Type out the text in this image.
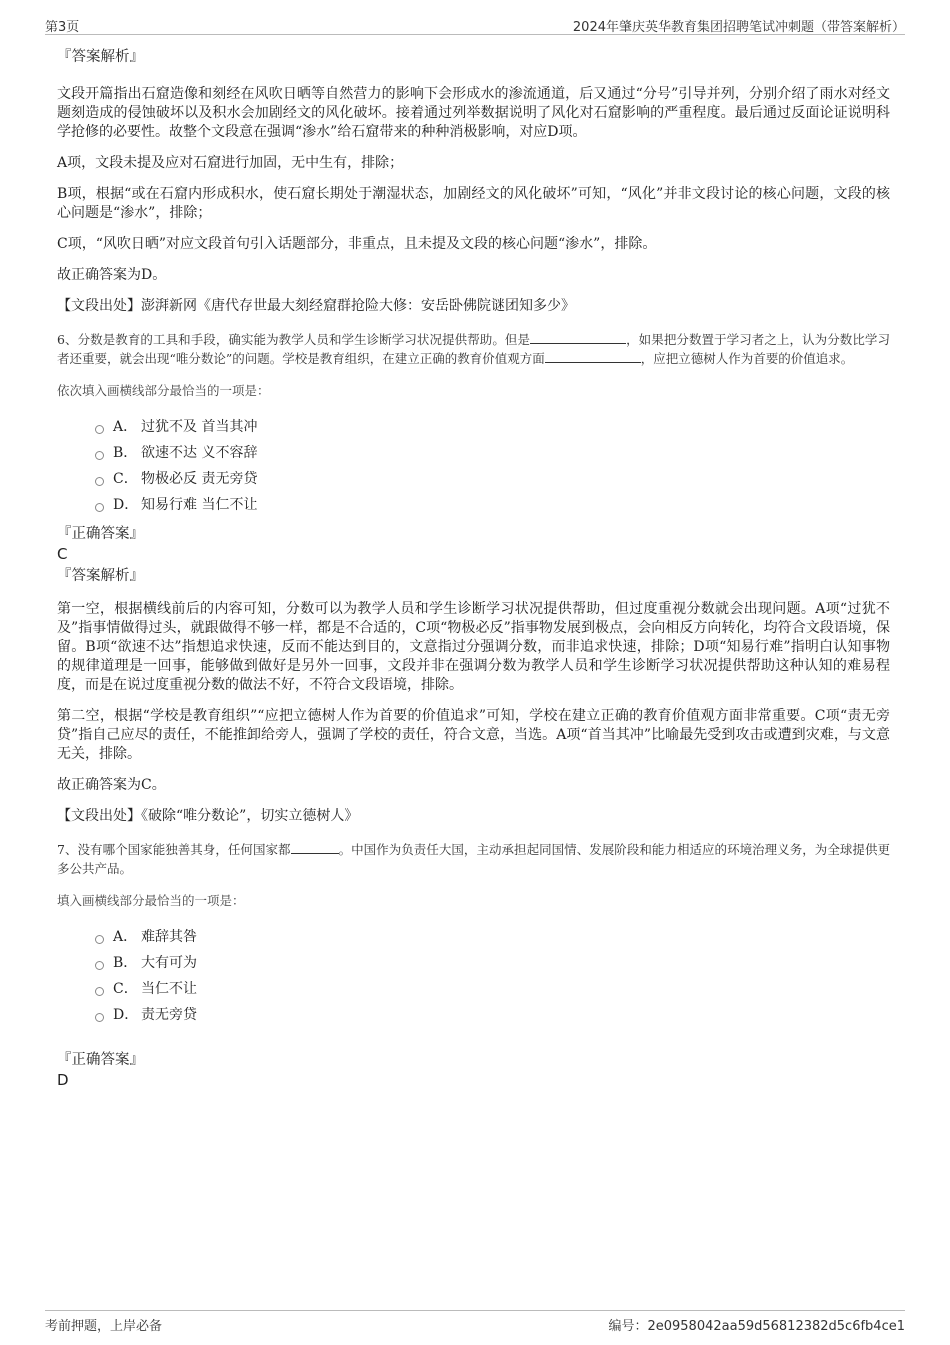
第3页	2024年肇庆英华教育集团招聘笔试冲刺题（带答案解析）
『答案解析』

文段开篇指出石窟造像和刻经在风吹日晒等自然营力的影响下会形成水的渗流通道，后又通过“分号”引导并列，分别介绍了雨水对经文题刻造成的侵蚀破坏以及积水会加剧经文的风化破坏。接着通过列举数据说明了风化对石窟影响的严重程度。最后通过反面论证说明科学抢修的必要性。故整个文段意在强调“渗水”给石窟带来的种种消极影响，对应D项。

A项，文段未提及应对石窟进行加固，无中生有，排除；

B项，根据“或在石窟内形成积水，使石窟长期处于潮湿状态，加剧经文的风化破坏”可知，“风化”并非文段讨论的核心问题，文段的核心问题是“渗水”，排除；

C项，“风吹日晒”对应文段首句引入话题部分，非重点，且未提及文段的核心问题“渗水”，排除。

故正确答案为D。

【文段出处】澎湃新网《唐代存世最大刻经窟群抢险大修：安岳卧佛院谜团知多少》

6、分数是教育的工具和手段，确实能为教学人员和学生诊断学习状况提供帮助。但是	，如果把分数置于学习者之上，认为分数比学习者还重要，就会出现“唯分数论”的问题。学校是教育组织，在建立正确的教育价值观方面	，应把立德树人作为首要的价值追求。

依次填入画横线部分最恰当的一项是：

A． 过犹不及 首当其冲
B． 欲速不达 义不容辞
C． 物极必反 责无旁贷
D． 知易行难 当仁不让
『正确答案』
C
『答案解析』

第一空，根据横线前后的内容可知，分数可以为教学人员和学生诊断学习状况提供帮助，但过度重视分数就会出现问题。A项“过犹不及”指事情做得过头，就跟做得不够一样，都是不合适的，C项“物极必反”指事物发展到极点，会向相反方向转化，均符合文段语境，保留。B项“欲速不达”指想追求快速，反而不能达到目的，文意指过分强调分数，而非追求快速，排除；D项“知易行难”指明白认知事物的规律道理是一回事，能够做到做好是另外一回事，文段并非在强调分数为教学人员和学生诊断学习状况提供帮助这种认知的难易程度，而是在说过度重视分数的做法不好，不符合文段语境，排除。

第二空，根据“学校是教育组织”“应把立德树人作为首要的价值追求”可知，学校在建立正确的教育价值观方面非常重要。C项“责无旁贷”指自己应尽的责任，不能推卸给旁人，强调了学校的责任，符合文意，当选。A项“首当其冲”比喻最先受到攻击或遭到灾难，与文意无关，排除。

故正确答案为C。

【文段出处】《破除“唯分数论”，切实立德树人》

7、没有哪个国家能独善其身，任何国家都	。中国作为负责任大国，主动承担起同国情、发展阶段和能力相适应的环境治理义务，为全球提供更多公共产品。

填入画横线部分最恰当的一项是：

A． 难辞其咎
B． 大有可为
C． 当仁不让
D． 责无旁贷
『正确答案』
D
考前押题，上岸必备	编号：2e0958042aa59d56812382d5c6fb4ce1
